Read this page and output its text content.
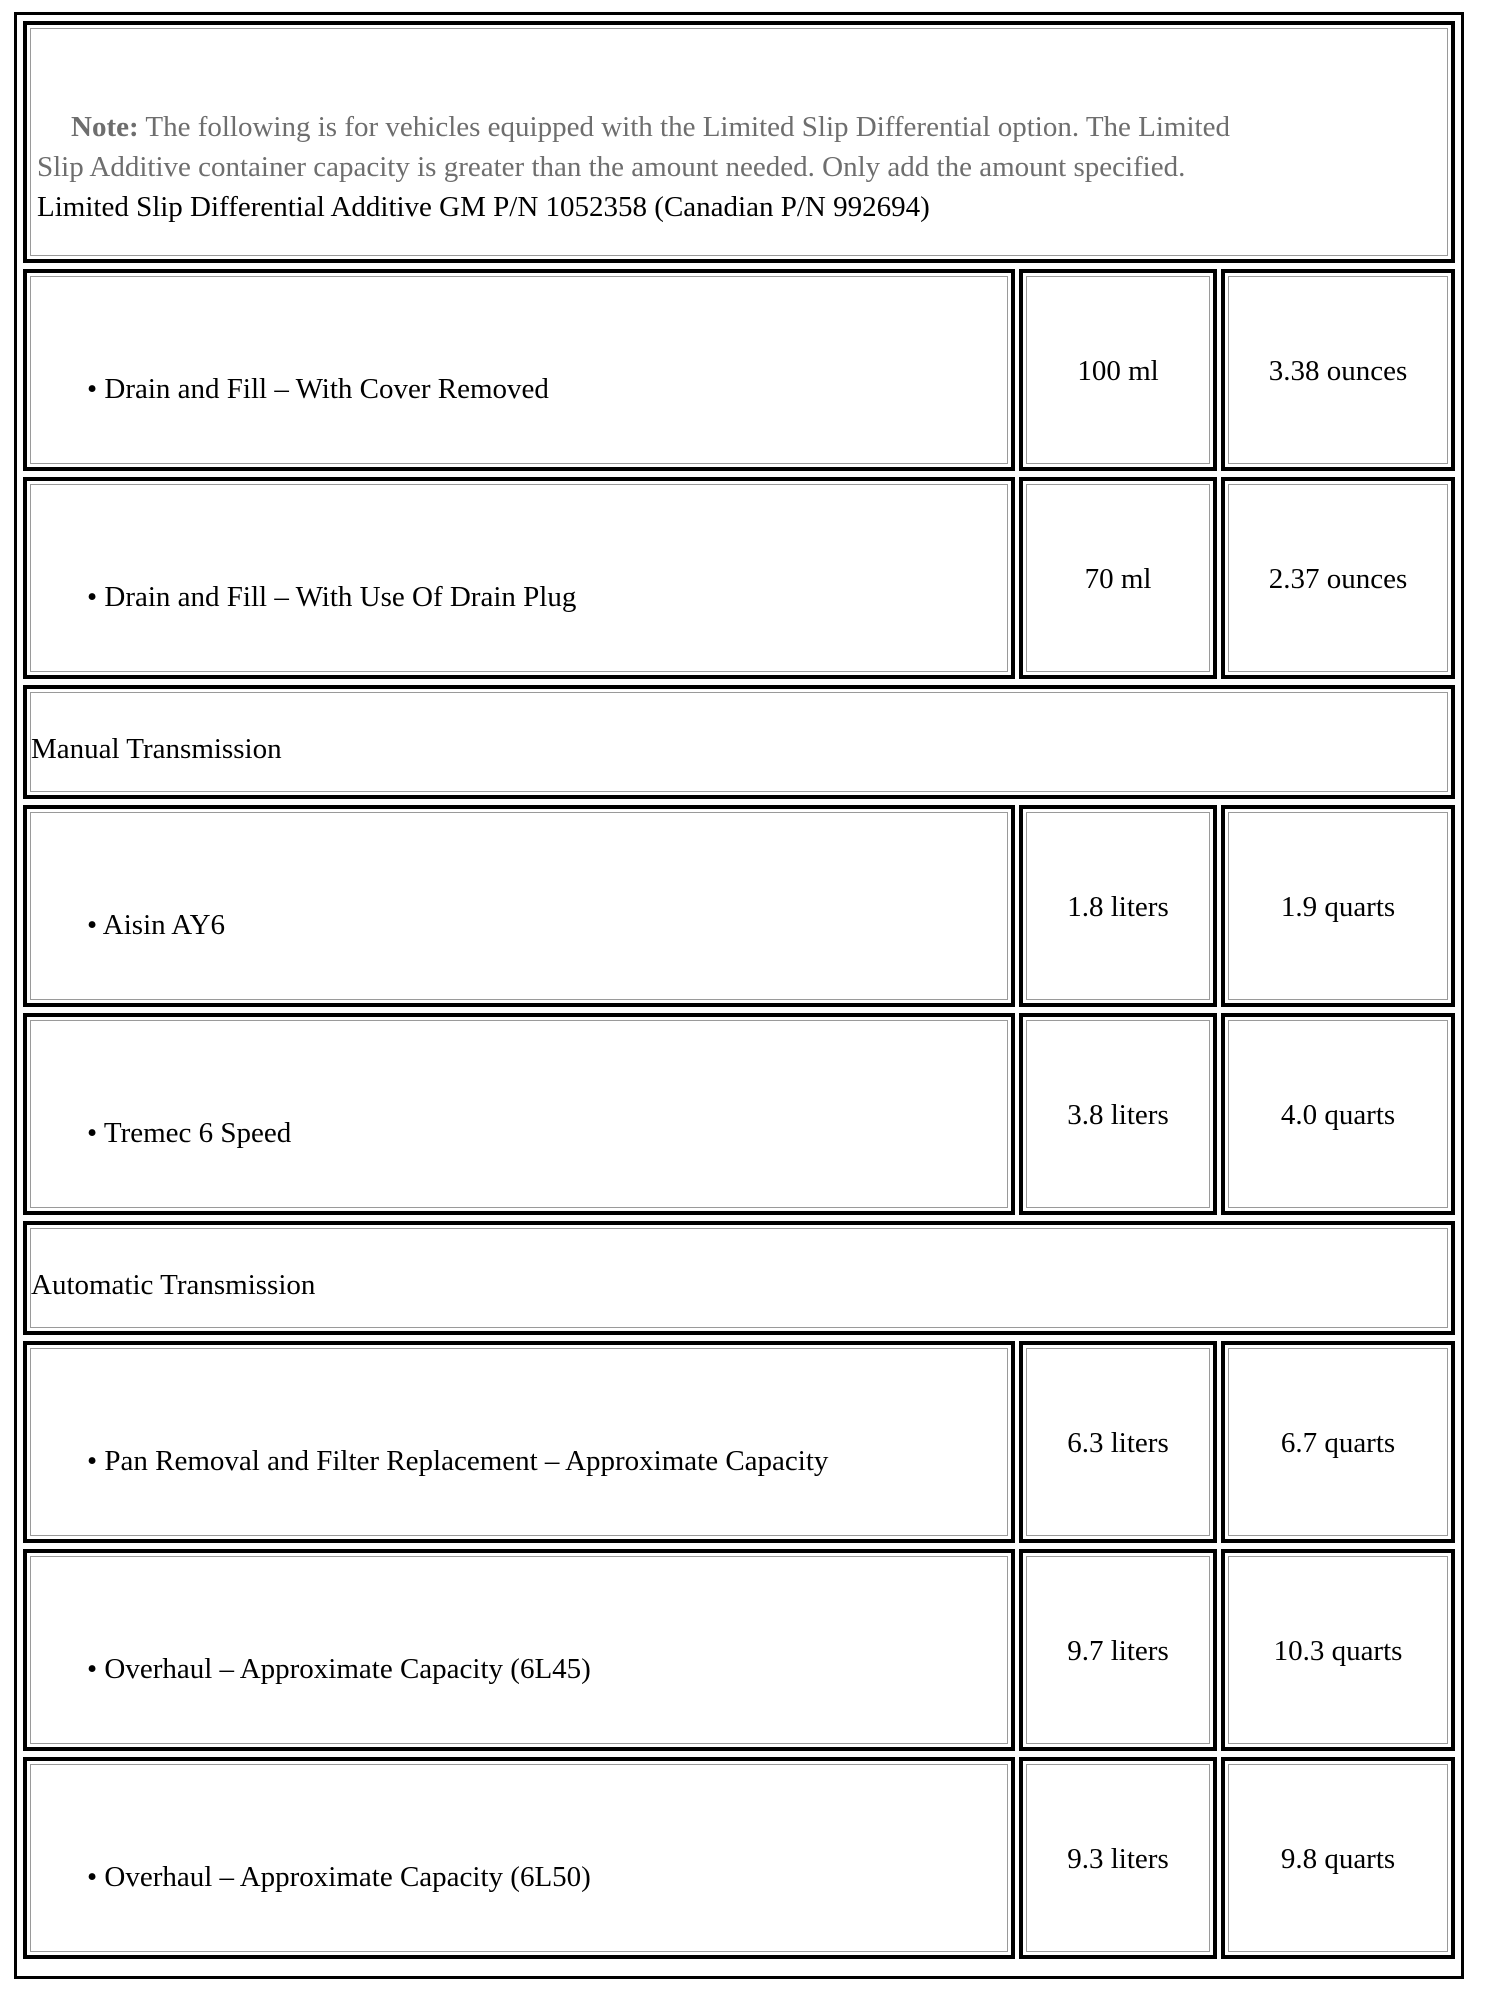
Note: The following is for vehicles equipped with the Limited Slip Differential option. The Limited
Slip Additive container capacity is greater than the amount needed. Only add the amount specified.
Limited Slip Differential Additive GM P/N 1052358 (Canadian P/N 992694)
• Drain and Fill – With Cover Removed
100 ml	3.38 ounces
• Drain and Fill – With Use Of Drain Plug
70 ml	2.37 ounces
Manual Transmission
• Aisin AY6
1.8 liters	1.9 quarts
• Tremec 6 Speed
3.8 liters	4.0 quarts
Automatic Transmission
• Pan Removal and Filter Replacement – Approximate Capacity
6.3 liters	6.7 quarts
• Overhaul – Approximate Capacity (6L45)
9.7 liters	10.3 quarts
• Overhaul – Approximate Capacity (6L50)
9.3 liters	9.8 quarts
